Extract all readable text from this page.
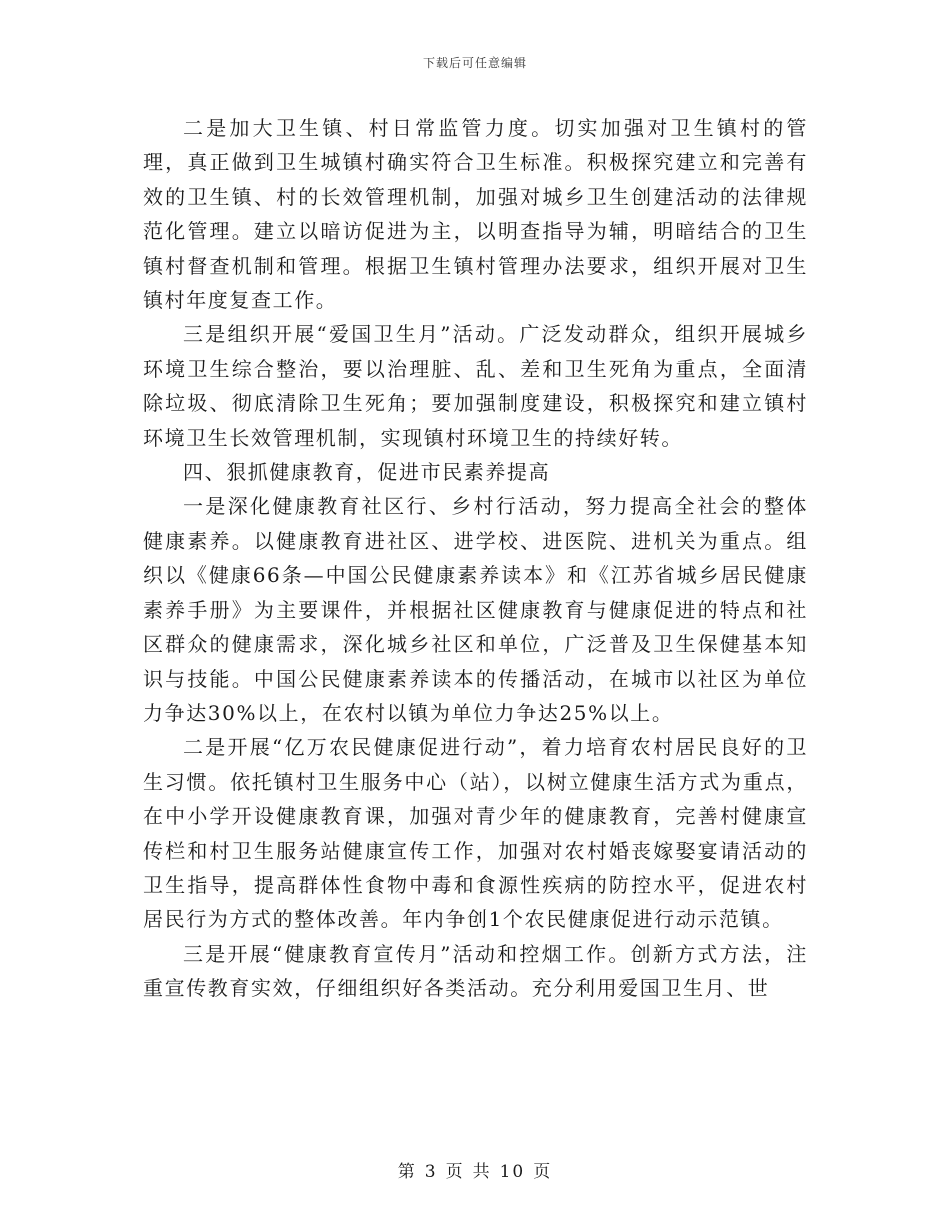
下载后可任意编辑

二是加大卫生镇、村日常监管力度。切实加强对卫生镇村的管理，真正做到卫生城镇村确实符合卫生标准。积极探究建立和完善有效的卫生镇、村的长效管理机制，加强对城乡卫生创建活动的法律规范化管理。建立以暗访促进为主，以明查指导为辅，明暗结合的卫生镇村督查机制和管理。根据卫生镇村管理办法要求，组织开展对卫生镇村年度复查工作。

三是组织开展“爱国卫生月”活动。广泛发动群众，组织开展城乡环境卫生综合整治，要以治理脏、乱、差和卫生死角为重点，全面清除垃圾、彻底清除卫生死角；要加强制度建设，积极探究和建立镇村环境卫生长效管理机制，实现镇村环境卫生的持续好转。

四、狠抓健康教育，促进市民素养提高

一是深化健康教育社区行、乡村行活动，努力提高全社会的整体健康素养。以健康教育进社区、进学校、进医院、进机关为重点。组织以《健康66条—中国公民健康素养读本》和《江苏省城乡居民健康素养手册》为主要课件，并根据社区健康教育与健康促进的特点和社区群众的健康需求，深化城乡社区和单位，广泛普及卫生保健基本知识与技能。中国公民健康素养读本的传播活动，在城市以社区为单位力争达30%以上，在农村以镇为单位力争达25%以上。

二是开展“亿万农民健康促进行动”，着力培育农村居民良好的卫生习惯。依托镇村卫生服务中心（站），以树立健康生活方式为重点，在中小学开设健康教育课，加强对青少年的健康教育，完善村健康宣传栏和村卫生服务站健康宣传工作，加强对农村婚丧嫁娶宴请活动的卫生指导，提高群体性食物中毒和食源性疾病的防控水平，促进农村居民行为方式的整体改善。年内争创1个农民健康促进行动示范镇。

三是开展“健康教育宣传月”活动和控烟工作。创新方式方法，注重宣传教育实效，仔细组织好各类活动。充分利用爱国卫生月、世

第 3 页 共 10 页
